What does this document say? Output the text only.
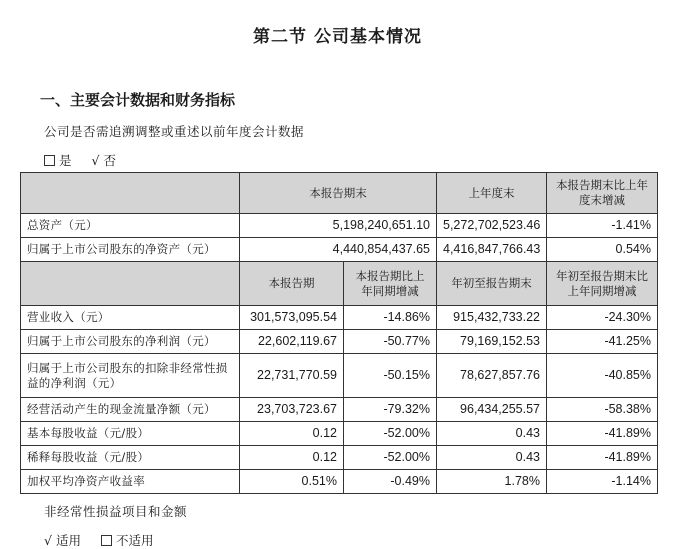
第二节 公司基本情况
一、主要会计数据和财务指标
公司是否需追溯调整或重述以前年度会计数据
是 √ 否
	本报告期末		上年度末	本报告期末比上年度末增减
总资产（元）	5,198,240,651.10		5,272,702,523.46	-1.41%
归属于上市公司股东的净资产（元）	4,440,854,437.65		4,416,847,766.43	0.54%
	本报告期	本报告期比上年同期增减	年初至报告期末	年初至报告期末比上年同期增减
营业收入（元）	301,573,095.54	-14.86%	915,432,733.22	-24.30%
归属于上市公司股东的净利润（元）	22,602,119.67	-50.77%	79,169,152.53	-41.25%
归属于上市公司股东的扣除非经常性损益的净利润（元）	22,731,770.59	-50.15%	78,627,857.76	-40.85%
经营活动产生的现金流量净额（元）	23,703,723.67	-79.32%	96,434,255.57	-58.38%
基本每股收益（元/股）	0.12	-52.00%	0.43	-41.89%
稀释每股收益（元/股）	0.12	-52.00%	0.43	-41.89%
加权平均净资产收益率	0.51%	-0.49%	1.78%	-1.14%
非经常性损益项目和金额
√ 适用	不适用
